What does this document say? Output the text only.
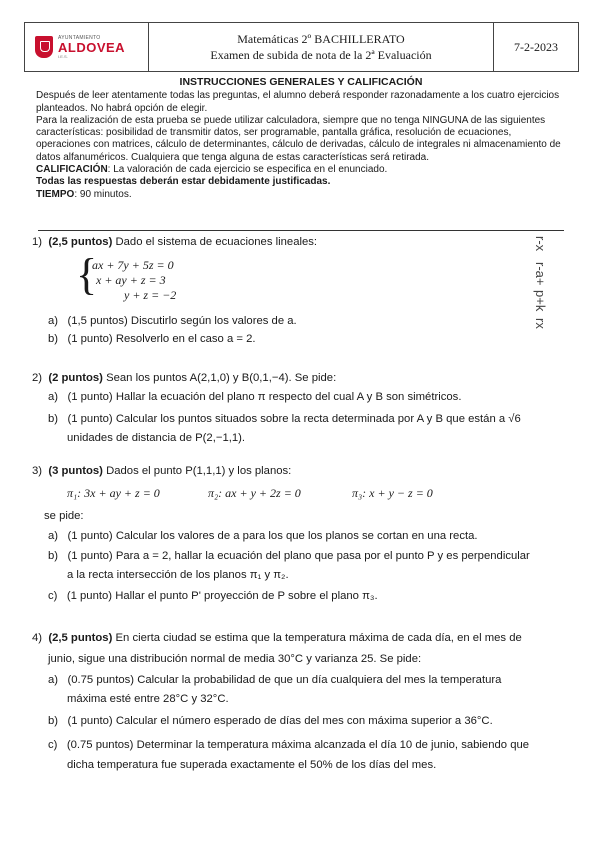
AYUNTAMIENTO
ALDOVEA
I.E.S.
Matemáticas 2º BACHILLERATO
Examen de subida de nota de la 2ª Evaluación
7-2-2023
INSTRUCCIONES GENERALES Y CALIFICACIÓN

Después de leer atentamente todas las preguntas, el alumno deberá responder razonadamente a los cuatro ejercicios planteados. No habrá opción de elegir.

Para la realización de esta prueba se puede utilizar calculadora, siempre que no tenga NINGUNA de las siguientes características: posibilidad de transmitir datos, ser programable, pantalla gráfica, resolución de ecuaciones, operaciones con matrices, cálculo de determinantes, cálculo de derivadas, cálculo de integrales ni almacenamiento de datos alfanuméricos. Cualquiera que tenga alguna de estas características será retirada.

CALIFICACIÓN: La valoración de cada ejercicio se especifica en el enunciado.

Todas las respuestas deberán estar debidamente justificadas.

TIEMPO: 90 minutos.

1) (2,5 puntos) Dado el sistema de ecuaciones lineales:
{
ax + 7y + 5z = 0
x + ay + z = 3
y + z = −2
a) (1,5 puntos) Discutirlo según los valores de a.
b) (1 punto) Resolverlo en el caso a = 2.
r-x
r-a+
p+k
rx
2) (2 puntos) Sean los puntos A(2,1,0) y B(0,1,−4). Se pide:
a) (1 punto) Hallar la ecuación del plano π respecto del cual A y B son simétricos.
b) (1 punto) Calcular los puntos situados sobre la recta determinada por A y B que están a √6
unidades de distancia de P(2,−1,1).
3) (3 puntos) Dados el punto P(1,1,1) y los planos:
π₁: 3x + ay + z = 0	π₂: ax + y + 2z = 0	π₃: x + y − z = 0
se pide:
a) (1 punto) Calcular los valores de a para los que los planos se cortan en una recta.
b) (1 punto) Para a = 2, hallar la ecuación del plano que pasa por el punto P y es perpendicular
a la recta intersección de los planos π₁ y π₂.
c) (1 punto) Hallar el punto P' proyección de P sobre el plano π₃.
4) (2,5 puntos) En cierta ciudad se estima que la temperatura máxima de cada día, en el mes de
junio, sigue una distribución normal de media 30°C y varianza 25. Se pide:
a) (0.75 puntos) Calcular la probabilidad de que un día cualquiera del mes la temperatura
máxima esté entre 28°C y 32°C.
b) (1 punto) Calcular el número esperado de días del mes con máxima superior a 36°C.
c) (0.75 puntos) Determinar la temperatura máxima alcanzada el día 10 de junio, sabiendo que
dicha temperatura fue superada exactamente el 50% de los días del mes.
